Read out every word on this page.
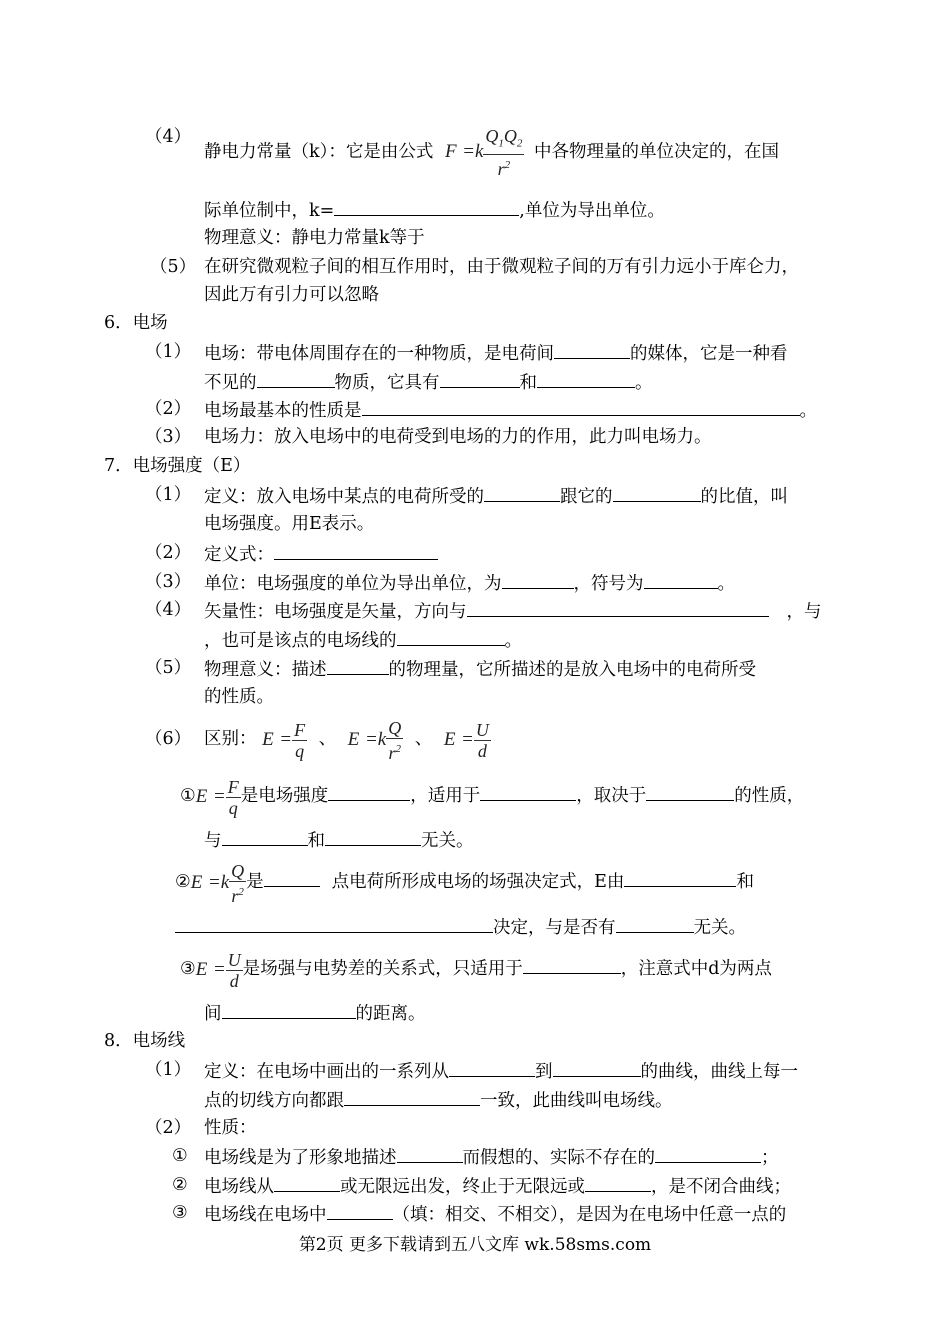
（4）
静电力常量（k）：它是由公式 $F =k \frac{Q_1Q_2}{r^2}$ 中各物理量的单位决定的，在国
际单位制中，k=	,单位为导出单位。
物理意义：静电力常量k等于
（5） 在研究微观粒子间的相互作用时，由于微观粒子间的万有引力远小于库仑力，
因此万有引力可以忽略
6．电场
（1） 电场：带电体周围存在的一种物质，是电荷间	的媒体，它是一种看
不见的	物质，它具有	和	。
（2） 电场最基本的性质是	。
（3） 电场力：放入电场中的电荷受到电场的力的作用，此力叫电场力。
7．电场强度（E）
（1） 定义：放入电场中某点的电荷所受的	跟它的	的比值，叫
电场强度。用E表示。
（2） 定义式：
（3） 单位：电场强度的单位为导出单位，为	，符号为	。
（4） 矢量性：电场强度是矢量，方向与	，与
，也可是该点的电场线的	。
（5） 物理意义：描述	的物理量，它所描述的是放入电场中的电荷所受
的性质。
（6） 区别： $E = \frac{F}{q}$ 、 $E =k \frac{Q}{r^2}$ 、 $E = \frac{U}{d}$
①E = $\frac{F}{q}$ 是电场强度	，适用于	，取决于	的性质，
与	和	无关。
②E $=k \frac{Q}{r^2}$ 是	点电荷所形成电场的场强决定式，E由	和
决定，与是否有	无关。
③E = $\frac{U}{d}$ 是场强与电势差的关系式，只适用于	，注意式中d为两点
间	的距离。
8．电场线
（1） 定义：在电场中画出的一系列从	到	的曲线，曲线上每一
点的切线方向都跟	一致，此曲线叫电场线。
（2） 性质：
① 电场线是为了形象地描述	而假想的、实际不存在的	；
② 电场线从	或无限远出发，终止于无限远或	，是不闭合曲线；
③ 电场线在电场中	（填：相交、不相交），是因为在电场中任意一点的
第2页 更多下载请到五八文库 wk.58sms.com
